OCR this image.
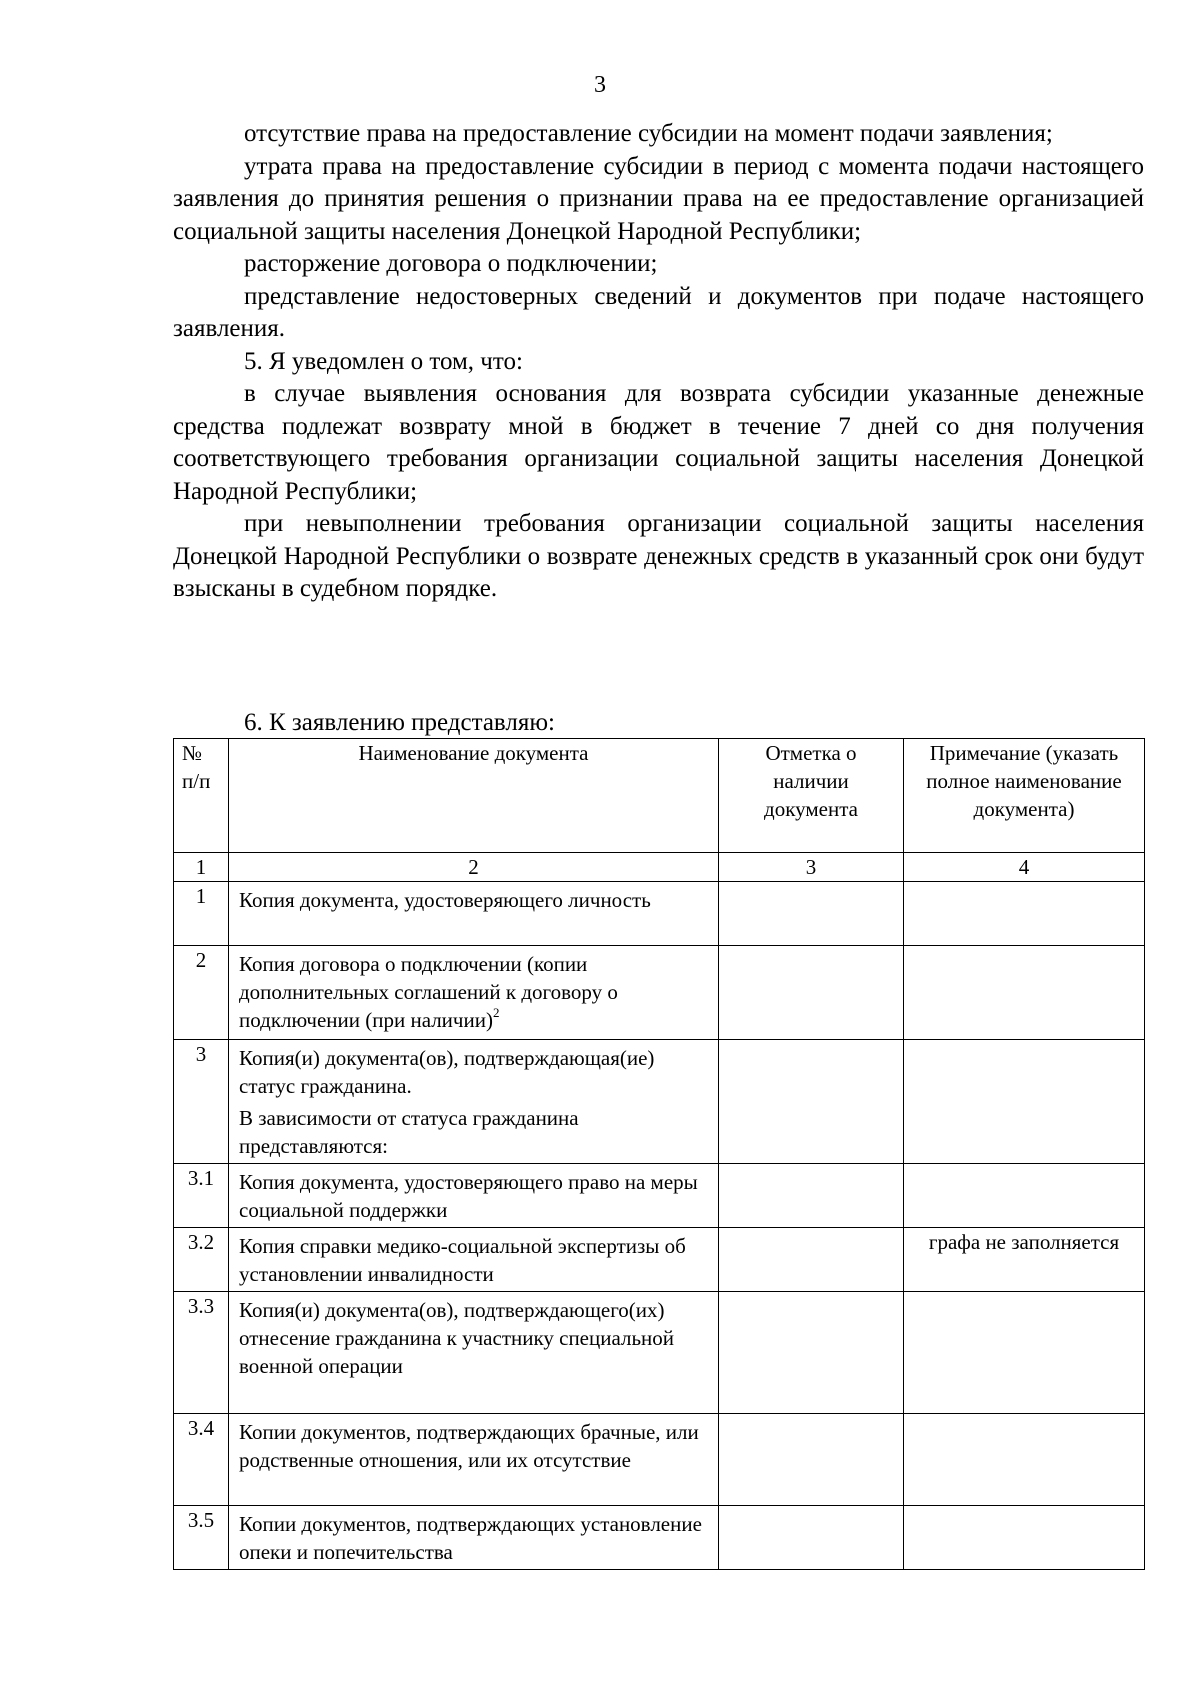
3

отсутствие права на предоставление субсидии на момент подачи заявления;

утрата права на предоставление субсидии в период с момента подачи настоящего заявления до принятия решения о признании права на ее предоставление организацией социальной защиты населения Донецкой Народной Республики;

расторжение договора о подключении;

представление недостоверных сведений и документов при подаче настоящего заявления.

5. Я уведомлен о том, что:

в случае выявления основания для возврата субсидии указанные денежные средства подлежат возврату мной в бюджет в течение 7 дней со дня получения соответствующего требования организации социальной защиты населения Донецкой Народной Республики;

при невыполнении требования организации социальной защиты населения Донецкой Народной Республики о возврате денежных средств в указанный срок они будут взысканы в судебном порядке.

6. К заявлению представляю:
№ п/п	Наименование документа	Отметка о наличии документа	Примечание (указать полное наименование документа)
1	2	3	4
1	Копия документа, удостоверяющего личность		
2	Копия договора о подключении (копии дополнительных соглашений к договору о подключении (при наличии)$^2$		
3	Копия(и) документа(ов), подтверждающая(ие) статус гражданина.
В зависимости от статуса гражданина представляются:		

3.1	Копия документа, удостоверяющего право на меры социальной поддержки		
3.2	Копия справки медико-социальной экспертизы об установлении инвалидности		графа не заполняется
3.3	Копия(и) документа(ов), подтверждающего(их) отнесение гражданина к участнику специальной военной операции		
3.4	Копии документов, подтверждающих брачные, или родственные отношения, или их отсутствие		
3.5	Копии документов, подтверждающих установление опеки и попечительства		
